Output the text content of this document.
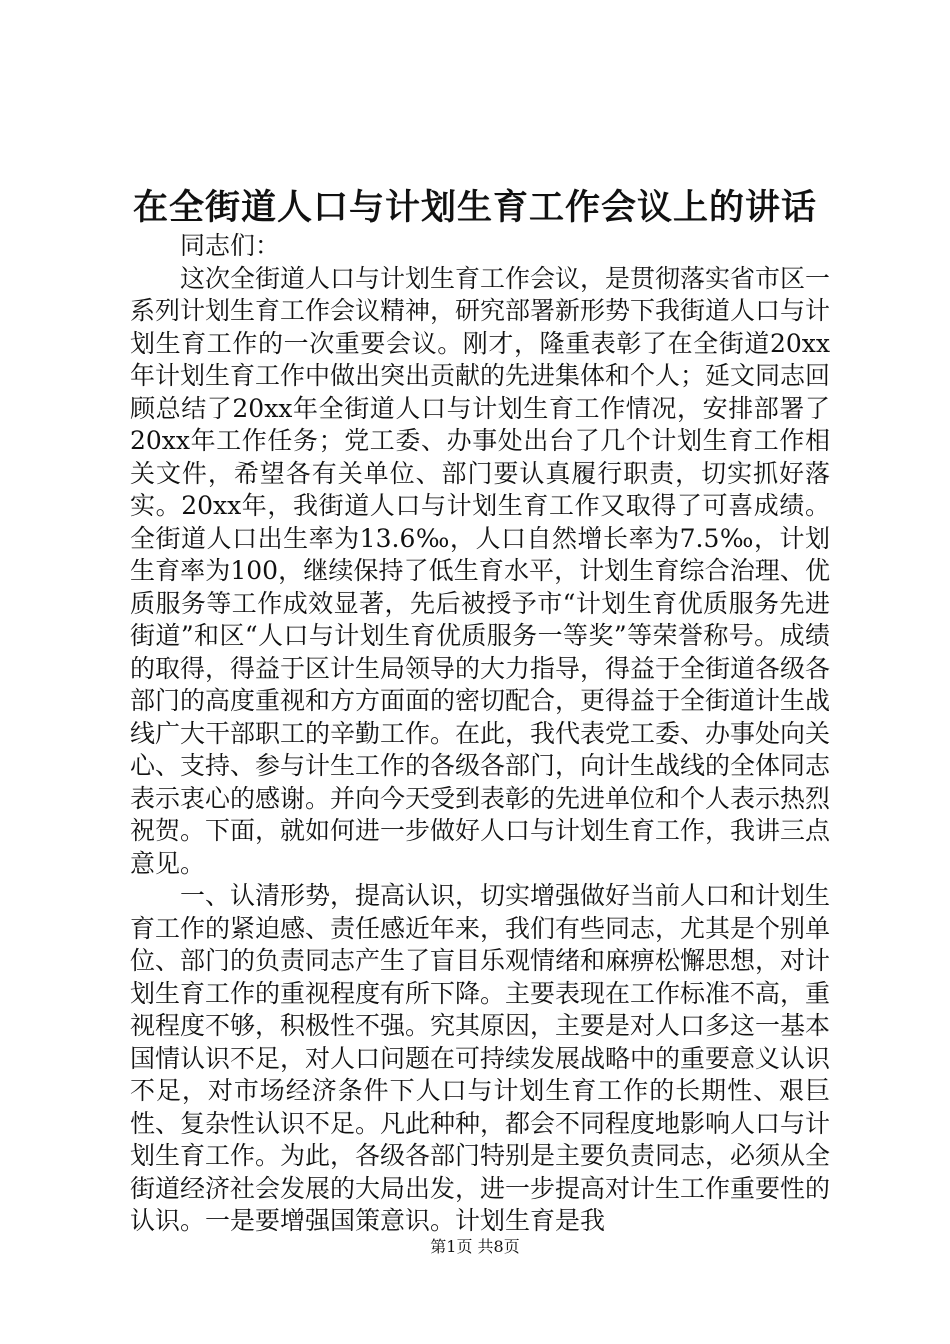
在全街道人口与计划生育工作会议上的讲话

同志们：

这次全街道人口与计划生育工作会议，是贯彻落实省市区一系列计划生育工作会议精神，研究部署新形势下我街道人口与计划生育工作的一次重要会议。刚才，隆重表彰了在全街道20xx年计划生育工作中做出突出贡献的先进集体和个人；延文同志回顾总结了20xx年全街道人口与计划生育工作情况，安排部署了20xx年工作任务；党工委、办事处出台了几个计划生育工作相关文件，希望各有关单位、部门要认真履行职责，切实抓好落实。20xx年，我街道人口与计划生育工作又取得了可喜成绩。全街道人口出生率为13.6‰，人口自然增长率为7.5‰，计划生育率为100，继续保持了低生育水平，计划生育综合治理、优质服务等工作成效显著，先后被授予市“计划生育优质服务先进街道”和区“人口与计划生育优质服务一等奖”等荣誉称号。成绩的取得，得益于区计生局领导的大力指导，得益于全街道各级各部门的高度重视和方方面面的密切配合，更得益于全街道计生战线广大干部职工的辛勤工作。在此，我代表党工委、办事处向关心、支持、参与计生工作的各级各部门，向计生战线的全体同志表示衷心的感谢。并向今天受到表彰的先进单位和个人表示热烈祝贺。下面，就如何进一步做好人口与计划生育工作，我讲三点意见。

一、认清形势，提高认识，切实增强做好当前人口和计划生育工作的紧迫感、责任感近年来，我们有些同志，尤其是个别单位、部门的负责同志产生了盲目乐观情绪和麻痹松懈思想，对计划生育工作的重视程度有所下降。主要表现在工作标准不高，重视程度不够，积极性不强。究其原因，主要是对人口多这一基本国情认识不足，对人口问题在可持续发展战略中的重要意义认识不足，对市场经济条件下人口与计划生育工作的长期性、艰巨性、复杂性认识不足。凡此种种，都会不同程度地影响人口与计划生育工作。为此，各级各部门特别是主要负责同志，必须从全街道经济社会发展的大局出发，进一步提高对计生工作重要性的认识。一是要增强国策意识。计划生育是我

第1页 共8页
